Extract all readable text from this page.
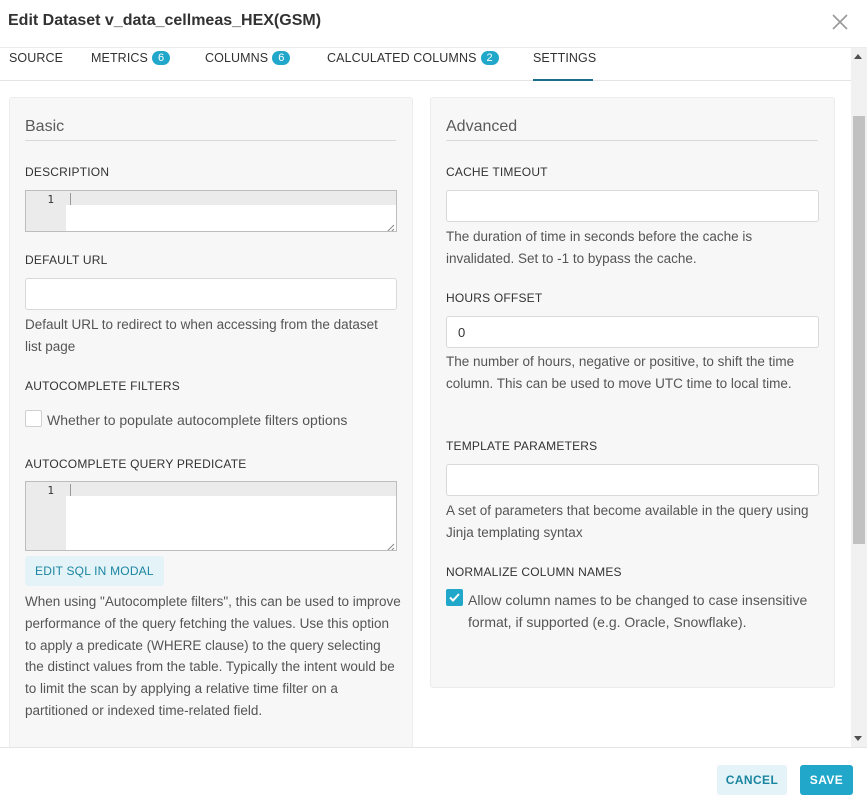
Edit Dataset v_data_cellmeas_HEX(GSM)
SOURCE METRICS 6	COLUMNS 6	CALCULATED COLUMNS 2	SETTINGS
Basic
DESCRIPTION
1
DEFAULT URL
Default URL to redirect to when accessing from the dataset list page
AUTOCOMPLETE FILTERS
Whether to populate autocomplete filters options
AUTOCOMPLETE QUERY PREDICATE
1
EDIT SQL IN MODAL
When using "Autocomplete filters", this can be used to improve performance of the query fetching the values. Use this option to apply a predicate (WHERE clause) to the query selecting the distinct values from the table. Typically the intent would be to limit the scan by applying a relative time filter on a partitioned or indexed time-related field.
Advanced
CACHE TIMEOUT
The duration of time in seconds before the cache is invalidated. Set to -1 to bypass the cache.
HOURS OFFSET
0
The number of hours, negative or positive, to shift the time column. This can be used to move UTC time to local time.
TEMPLATE PARAMETERS
A set of parameters that become available in the query using Jinja templating syntax
NORMALIZE COLUMN NAMES
Allow column names to be changed to case insensitive format, if supported (e.g. Oracle, Snowflake).
CANCEL	SAVE
